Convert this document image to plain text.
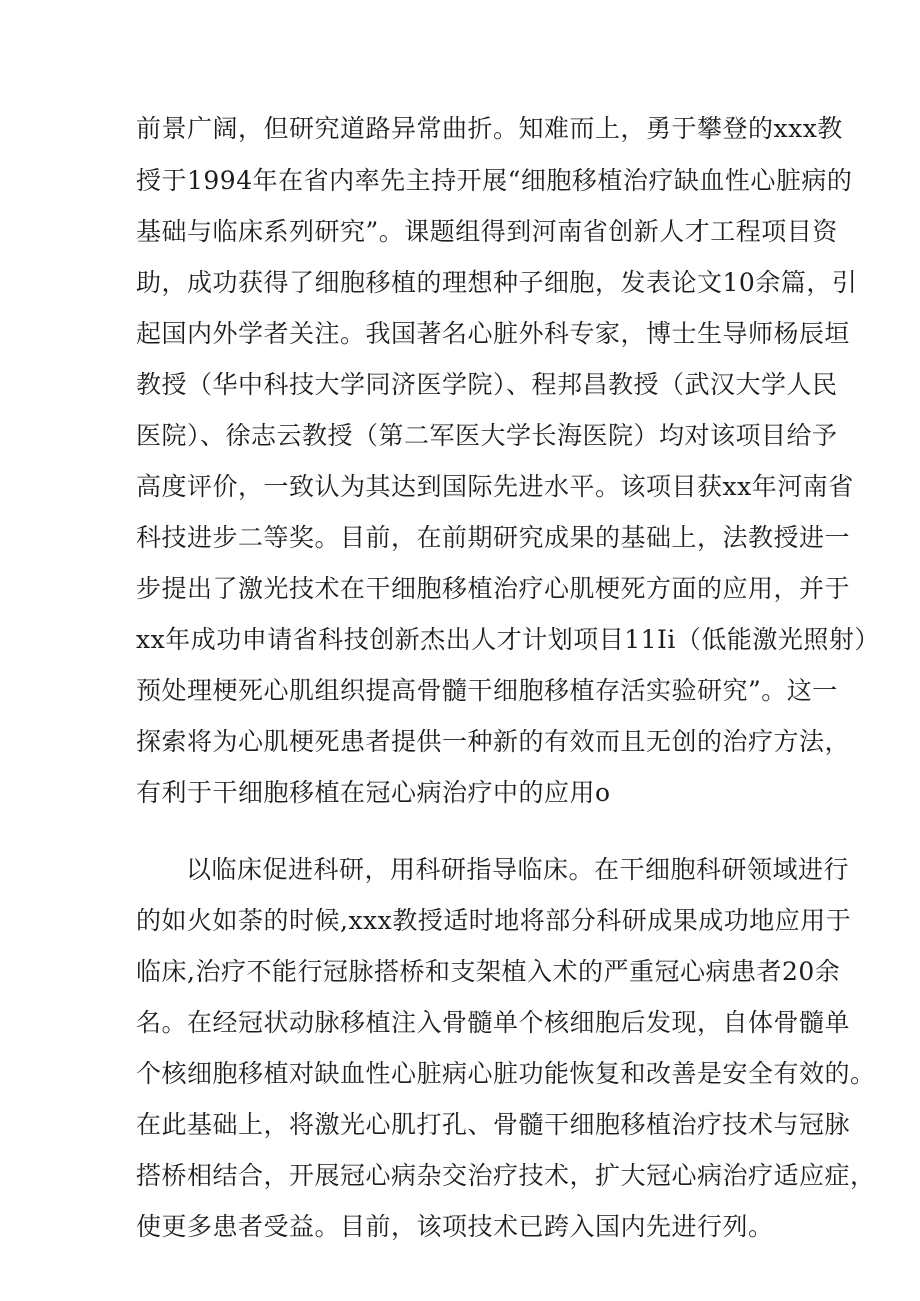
前景广阔，但研究道路异常曲折。知难而上，勇于攀登的xxx教
授于1994年在省内率先主持开展“细胞移植治疗缺血性心脏病的
基础与临床系列研究”。课题组得到河南省创新人才工程项目资
助，成功获得了细胞移植的理想种子细胞，发表论文10余篇，引
起国内外学者关注。我国著名心脏外科专家，博士生导师杨辰垣
教授（华中科技大学同济医学院）、程邦昌教授（武汉大学人民
医院）、徐志云教授（第二军医大学长海医院）均对该项目给予
高度评价，一致认为其达到国际先进水平。该项目获xx年河南省
科技进步二等奖。目前，在前期研究成果的基础上，法教授进一
步提出了激光技术在干细胞移植治疗心肌梗死方面的应用，并于
xx年成功申请省科技创新杰出人才计划项目11Ii（低能激光照射）
预处理梗死心肌组织提高骨髓干细胞移植存活实验研究”。这一
探索将为心肌梗死患者提供一种新的有效而且无创的治疗方法，
有利于干细胞移植在冠心病治疗中的应用o
以临床促进科研，用科研指导临床。在干细胞科研领域进行
的如火如荼的时候,xxx教授适时地将部分科研成果成功地应用于
临床,治疗不能行冠脉搭桥和支架植入术的严重冠心病患者20余
名。在经冠状动脉移植注入骨髓单个核细胞后发现，自体骨髓单
个核细胞移植对缺血性心脏病心脏功能恢复和改善是安全有效的。
在此基础上，将激光心肌打孔、骨髓干细胞移植治疗技术与冠脉
搭桥相结合，开展冠心病杂交治疗技术，扩大冠心病治疗适应症，
使更多患者受益。目前，该项技术已跨入国内先进行列。
